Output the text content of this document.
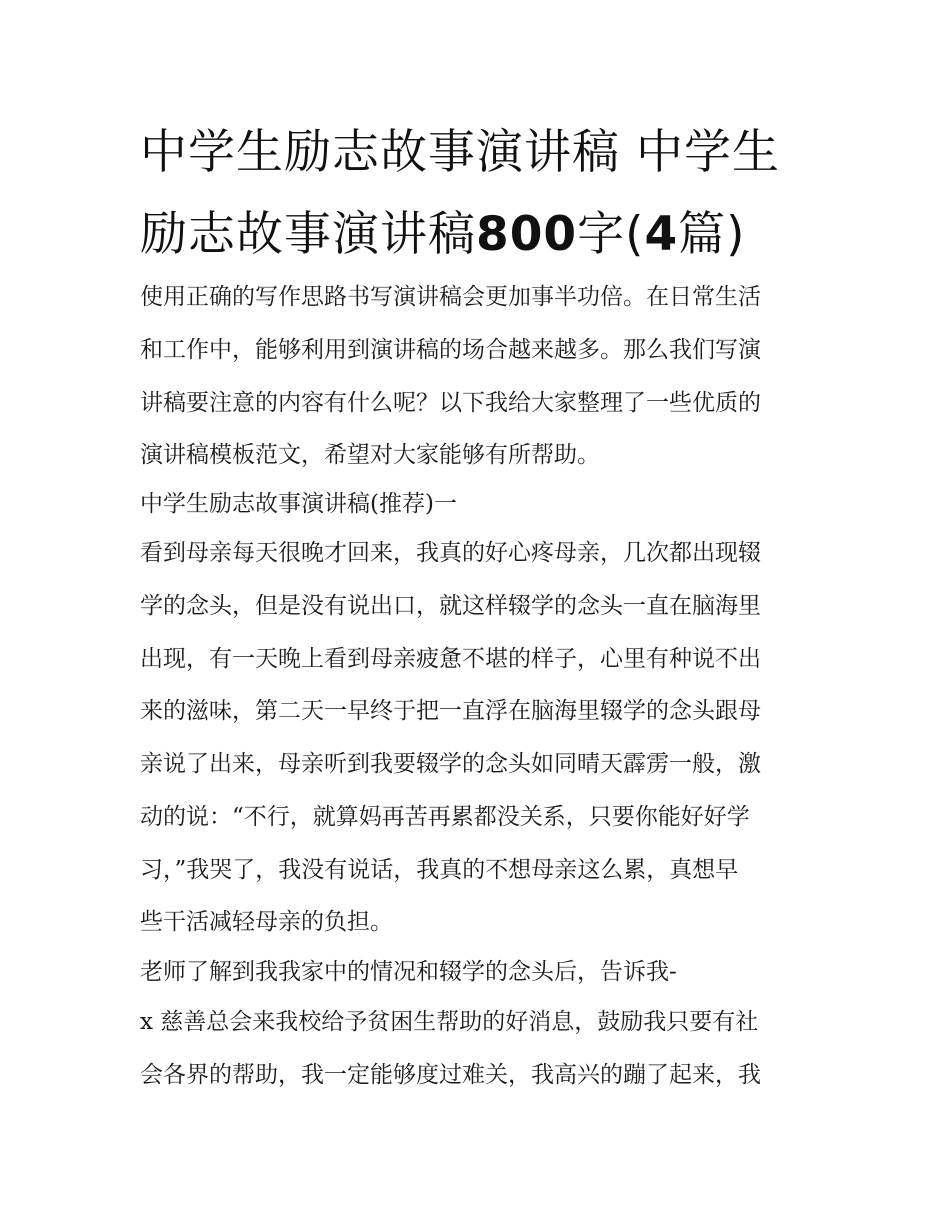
中学生励志故事演讲稿 中学生励志故事演讲稿800字(4篇)
使用正确的写作思路书写演讲稿会更加事半功倍。在日常生活
和工作中，能够利用到演讲稿的场合越来越多。那么我们写演
讲稿要注意的内容有什么呢？以下我给大家整理了一些优质的
演讲稿模板范文，希望对大家能够有所帮助。
中学生励志故事演讲稿(推荐)一
看到母亲每天很晚才回来，我真的好心疼母亲，几次都出现辍
学的念头，但是没有说出口，就这样辍学的念头一直在脑海里
出现，有一天晚上看到母亲疲惫不堪的样子，心里有种说不出
来的滋味，第二天一早终于把一直浮在脑海里辍学的念头跟母
亲说了出来，母亲听到我要辍学的念头如同晴天霹雳一般，激
动的说：“不行，就算妈再苦再累都没关系，只要你能好好学
习，”我哭了，我没有说话，我真的不想母亲这么累，真想早
些干活减轻母亲的负担。
老师了解到我我家中的情况和辍学的念头后，告诉我-
x 慈善总会来我校给予贫困生帮助的好消息，鼓励我只要有社
会各界的帮助，我一定能够度过难关，我高兴的蹦了起来，我
